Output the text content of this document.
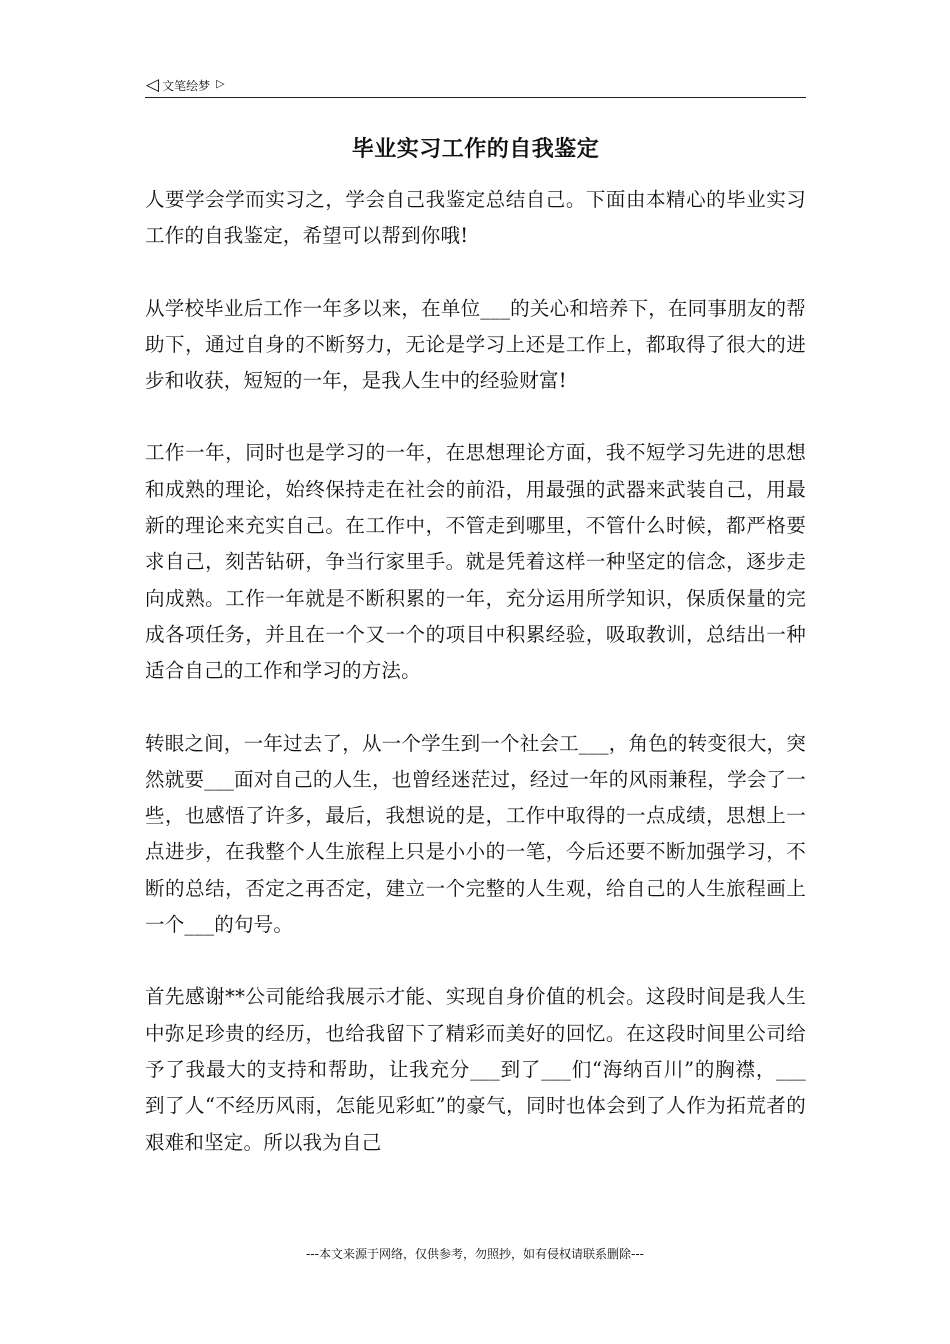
◁ 文笔绘梦 ▷
毕业实习工作的自我鉴定

人要学会学而实习之，学会自己我鉴定总结自己。下面由本精心的毕业实习工作的自我鉴定，希望可以帮到你哦!

从学校毕业后工作一年多以来，在单位___的关心和培养下，在同事朋友的帮助下，通过自身的不断努力，无论是学习上还是工作上，都取得了很大的进步和收获，短短的一年，是我人生中的经验财富!

工作一年，同时也是学习的一年，在思想理论方面，我不短学习先进的思想和成熟的理论，始终保持走在社会的前沿，用最强的武器来武装自己，用最新的理论来充实自己。在工作中，不管走到哪里，不管什么时候，都严格要求自己，刻苦钻研，争当行家里手。就是凭着这样一种坚定的信念，逐步走向成熟。工作一年就是不断积累的一年，充分运用所学知识，保质保量的完成各项任务，并且在一个又一个的项目中积累经验，吸取教训，总结出一种适合自己的工作和学习的方法。

转眼之间，一年过去了，从一个学生到一个社会工___，角色的转变很大，突然就要___面对自己的人生，也曾经迷茫过，经过一年的风雨兼程，学会了一些，也感悟了许多，最后，我想说的是，工作中取得的一点成绩，思想上一点进步，在我整个人生旅程上只是小小的一笔，今后还要不断加强学习，不断的总结，否定之再否定，建立一个完整的人生观，给自己的人生旅程画上一个___的句号。

首先感谢**公司能给我展示才能、实现自身价值的机会。这段时间是我人生中弥足珍贵的经历，也给我留下了精彩而美好的回忆。在这段时间里公司给予了我最大的支持和帮助，让我充分___到了___们“海纳百川”的胸襟，___到了人“不经历风雨，怎能见彩虹”的豪气，同时也体会到了人作为拓荒者的艰难和坚定。所以我为自己

---本文来源于网络，仅供参考，勿照抄，如有侵权请联系删除---
